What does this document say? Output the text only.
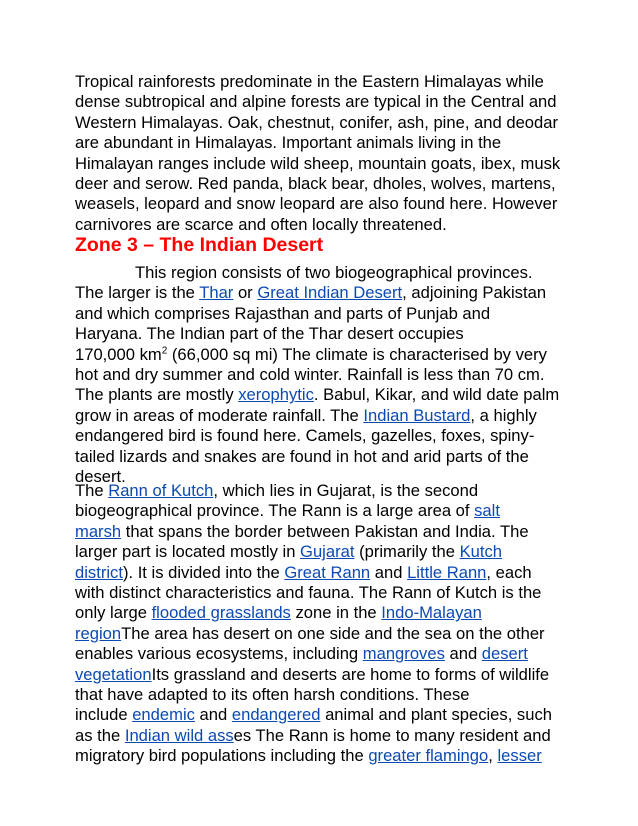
Tropical rainforests predominate in the Eastern Himalayas while
dense subtropical and alpine forests are typical in the Central and
Western Himalayas. Oak, chestnut, conifer, ash, pine, and deodar
are abundant in Himalayas. Important animals living in the
Himalayan ranges include wild sheep, mountain goats, ibex, musk
deer and serow. Red panda, black bear, dholes, wolves, martens,
weasels, leopard and snow leopard are also found here. However
carnivores are scarce and often locally threatened.
Zone 3 – The Indian Desert
This region consists of two biogeographical provinces.
The larger is the Thar or Great Indian Desert, adjoining Pakistan
and which comprises Rajasthan and parts of Punjab and
Haryana. The Indian part of the Thar desert occupies
170,000 $km^2$ (66,000 sq mi) The climate is characterised by very
hot and dry summer and cold winter. Rainfall is less than 70 cm.
The plants are mostly xerophytic. Babul, Kikar, and wild date palm
grow in areas of moderate rainfall. The Indian Bustard, a highly
endangered bird is found here. Camels, gazelles, foxes, spiny-
tailed lizards and snakes are found in hot and arid parts of the
desert.
The Rann of Kutch, which lies in Gujarat, is the second
biogeographical province. The Rann is a large area of salt
marsh that spans the border between Pakistan and India. The
larger part is located mostly in Gujarat (primarily the Kutch
district). It is divided into the Great Rann and Little Rann, each
with distinct characteristics and fauna. The Rann of Kutch is the
only large flooded grasslands zone in the Indo-Malayan
regionThe area has desert on one side and the sea on the other
enables various ecosystems, including mangroves and desert
vegetationIts grassland and deserts are home to forms of wildlife
that have adapted to its often harsh conditions. These
include endemic and endangered animal and plant species, such
as the Indian wild asses The Rann is home to many resident and
migratory bird populations including the greater flamingo, lesser
